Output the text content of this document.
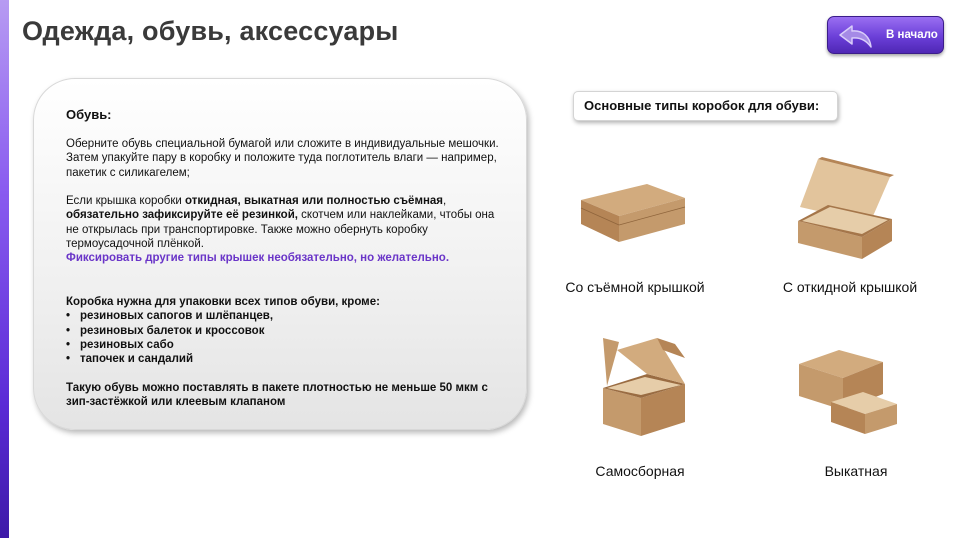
Одежда, обувь, аксессуары	В начало

Обувь:

Оберните обувь специальной бумагой или сложите в индивидуальные мешочки. Затем упакуйте пару в коробку и положите туда поглотитель влаги — например, пакетик с силикагелем;
Если крышка коробки откидная, выкатная или полностью съёмная, обязательно зафиксируйте её резинкой, скотчем или наклейками, чтобы она не открылась при транспортировке. Также можно обернуть коробку термоусадочной плёнкой.
Фиксировать другие типы крышек необязательно, но желательно.
Коробка нужна для упаковки всех типов обуви, кроме:
• резиновых сапогов и шлёпанцев,
• резиновых балеток и кроссовок
• резиновых сабо
• тапочек и сандалий
Такую обувь можно поставлять в пакете плотностью не меньше 50 мкм с зип-застёжкой или клеевым клапаном
Основные типы коробок для обуви:
Со съёмной крышкой	С откидной крышкой
Самосборная	Выкатная
